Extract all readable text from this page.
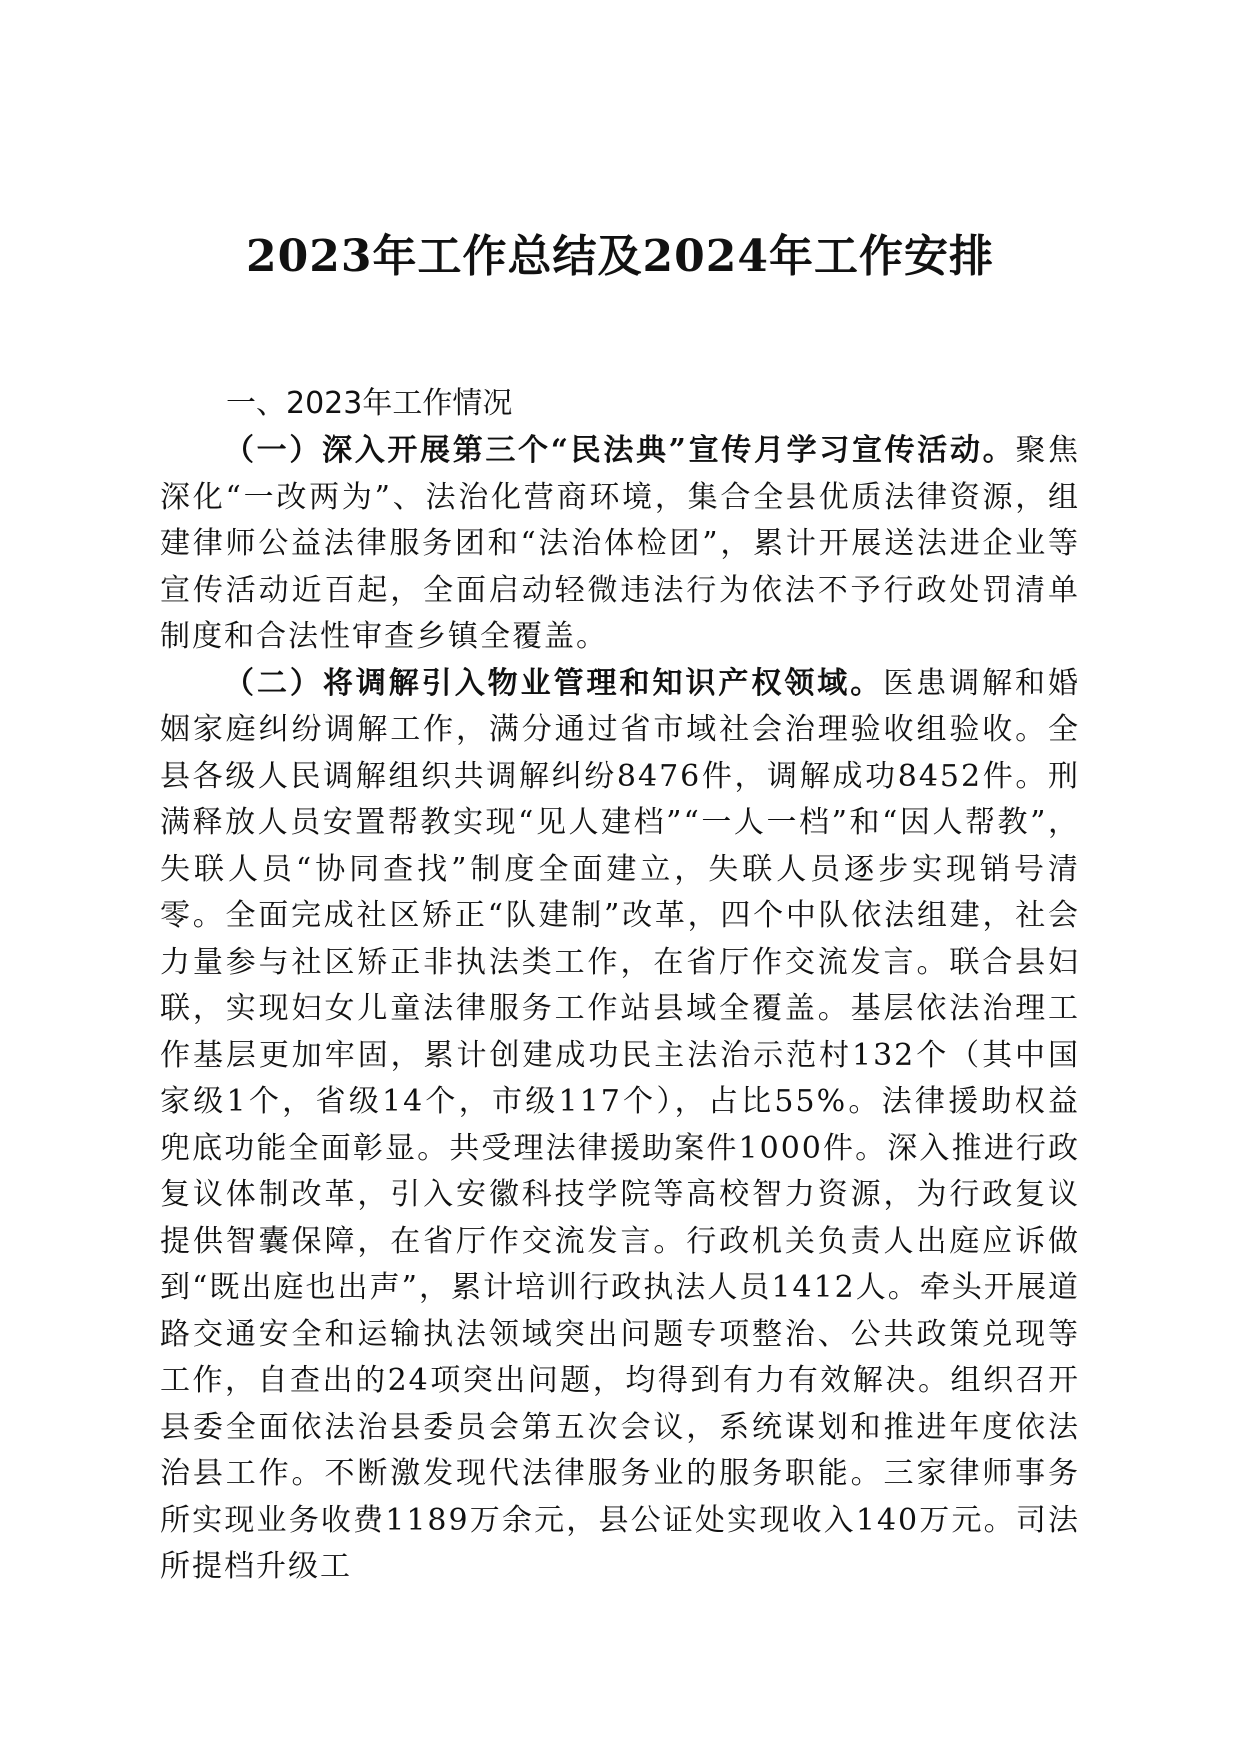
2023年工作总结及2024年工作安排
一、2023年工作情况

（一）深入开展第三个“民法典”宣传月学习宣传活动。聚焦深化“一改两为”、法治化营商环境，集合全县优质法律资源，组建律师公益法律服务团和“法治体检团”，累计开展送法进企业等宣传活动近百起，全面启动轻微违法行为依法不予行政处罚清单制度和合法性审查乡镇全覆盖。

（二）将调解引入物业管理和知识产权领域。医患调解和婚姻家庭纠纷调解工作，满分通过省市域社会治理验收组验收。全县各级人民调解组织共调解纠纷8476件，调解成功8452件。刑满释放人员安置帮教实现“见人建档”“一人一档”和“因人帮教”，失联人员“协同查找”制度全面建立，失联人员逐步实现销号清零。全面完成社区矫正“队建制”改革，四个中队依法组建，社会力量参与社区矫正非执法类工作，在省厅作交流发言。联合县妇联，实现妇女儿童法律服务工作站县域全覆盖。基层依法治理工作基层更加牢固，累计创建成功民主法治示范村132个（其中国家级1个，省级14个，市级117个），占比55%。法律援助权益兜底功能全面彰显。共受理法律援助案件1000件。深入推进行政复议体制改革，引入安徽科技学院等高校智力资源，为行政复议提供智囊保障，在省厅作交流发言。行政机关负责人出庭应诉做到“既出庭也出声”，累计培训行政执法人员1412人。牵头开展道路交通安全和运输执法领域突出问题专项整治、公共政策兑现等工作，自查出的24项突出问题，均得到有力有效解决。组织召开县委全面依法治县委员会第五次会议，系统谋划和推进年度依法治县工作。不断激发现代法律服务业的服务职能。三家律师事务所实现业务收费1189万余元，县公证处实现收入140万元。司法所提档升级工
